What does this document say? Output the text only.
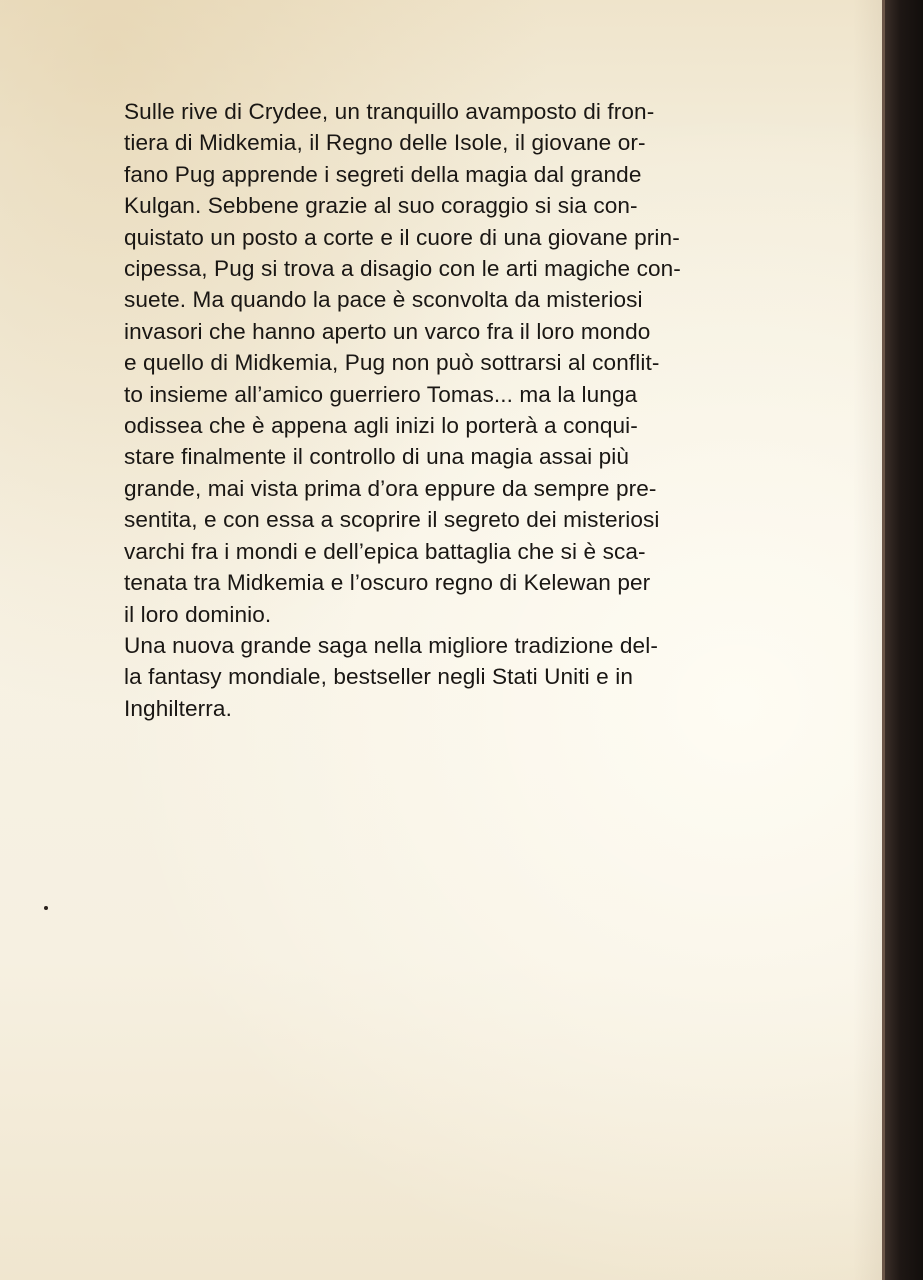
Sulle rive di Crydee, un tranquillo avamposto di fron-
tiera di Midkemia, il Regno delle Isole, il giovane or-
fano Pug apprende i segreti della magia dal grande
Kulgan. Sebbene grazie al suo coraggio si sia con-
quistato un posto a corte e il cuore di una giovane prin-
cipessa, Pug si trova a disagio con le arti magiche con-
suete. Ma quando la pace è sconvolta da misteriosi
invasori che hanno aperto un varco fra il loro mondo
e quello di Midkemia, Pug non può sottrarsi al conflit-
to insieme all’amico guerriero Tomas... ma la lunga
odissea che è appena agli inizi lo porterà a conqui-
stare finalmente il controllo di una magia assai più
grande, mai vista prima d’ora eppure da sempre pre-
sentita, e con essa a scoprire il segreto dei misteriosi
varchi fra i mondi e dell’epica battaglia che si è sca-
tenata tra Midkemia e l’oscuro regno di Kelewan per
il loro dominio.
Una nuova grande saga nella migliore tradizione del-
la fantasy mondiale, bestseller negli Stati Uniti e in
Inghilterra.
